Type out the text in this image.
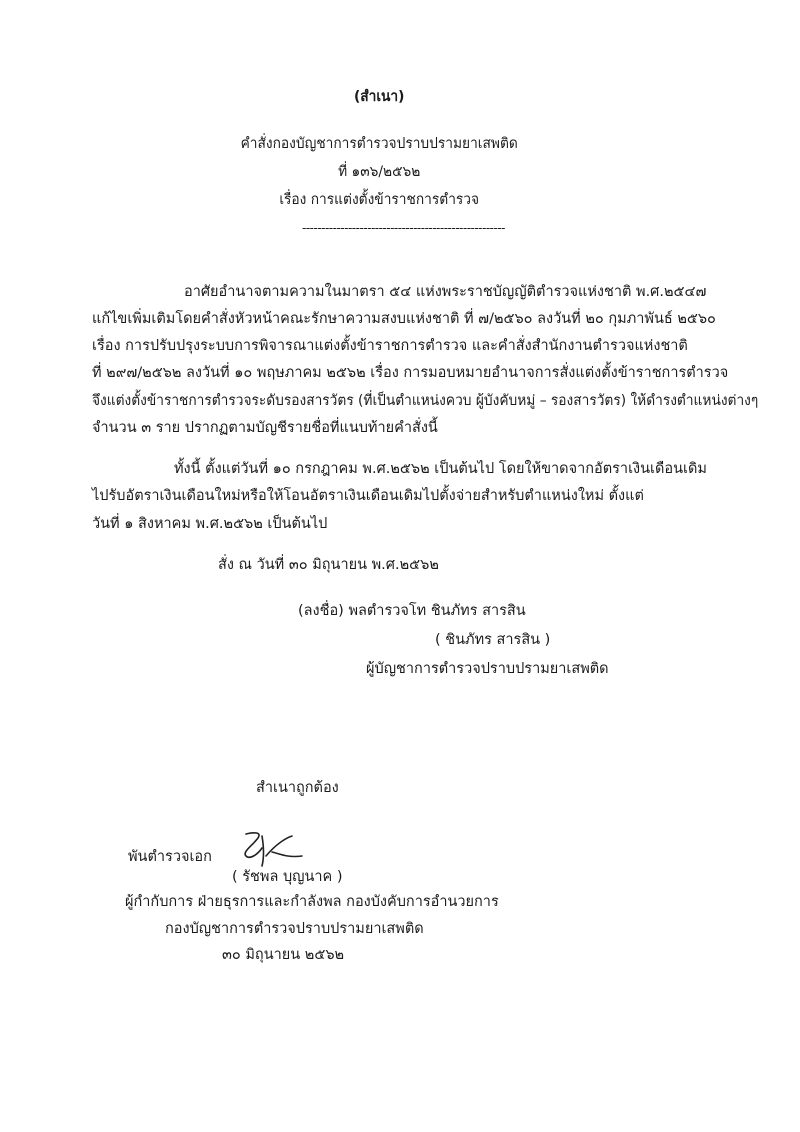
(สำเนา)
คำสั่งกองบัญชาการตำรวจปราบปรามยาเสพติด
ที่ ๑๓๖/๒๕๖๒
เรื่อง การแต่งตั้งข้าราชการตำรวจ
-----------------------------------------------------
อาศัยอำนาจตามความในมาตรา ๕๔ แห่งพระราชบัญญัติตำรวจแห่งชาติ พ.ศ.๒๕๔๗
แก้ไขเพิ่มเติมโดยคำสั่งหัวหน้าคณะรักษาความสงบแห่งชาติ ที่ ๗/๒๕๖๐ ลงวันที่ ๒๐ กุมภาพันธ์ ๒๕๖๐
เรื่อง การปรับปรุงระบบการพิจารณาแต่งตั้งข้าราชการตำรวจ และคำสั่งสำนักงานตำรวจแห่งชาติ
ที่ ๒๙๗/๒๕๖๒ ลงวันที่ ๑๐ พฤษภาคม ๒๕๖๒ เรื่อง การมอบหมายอำนาจการสั่งแต่งตั้งข้าราชการตำรวจ
จึงแต่งตั้งข้าราชการตำรวจระดับรองสารวัตร (ที่เป็นตำแหน่งควบ ผู้บังคับหมู่ – รองสารวัตร) ให้ดำรงตำแหน่งต่างๆ
จำนวน ๓ ราย ปรากฏตามบัญชีรายชื่อที่แนบท้ายคำสั่งนี้
ทั้งนี้ ตั้งแต่วันที่ ๑๐ กรกฎาคม พ.ศ.๒๕๖๒ เป็นต้นไป โดยให้ขาดจากอัตราเงินเดือนเดิม
ไปรับอัตราเงินเดือนใหม่หรือให้โอนอัตราเงินเดือนเดิมไปตั้งจ่ายสำหรับตำแหน่งใหม่ ตั้งแต่
วันที่ ๑ สิงหาคม พ.ศ.๒๕๖๒ เป็นต้นไป
สั่ง ณ วันที่ ๓๐ มิถุนายน พ.ศ.๒๕๖๒
(ลงชื่อ) พลตำรวจโท ชินภัทร สารสิน
( ชินภัทร สารสิน )
ผู้บัญชาการตำรวจปราบปรามยาเสพติด
สำเนาถูกต้อง
พันตำรวจเอก
( รัชพล บุญนาค )
ผู้กำกับการ ฝ่ายธุรการและกำลังพล กองบังคับการอำนวยการ
กองบัญชาการตำรวจปราบปรามยาเสพติด
๓๐ มิถุนายน ๒๕๖๒
